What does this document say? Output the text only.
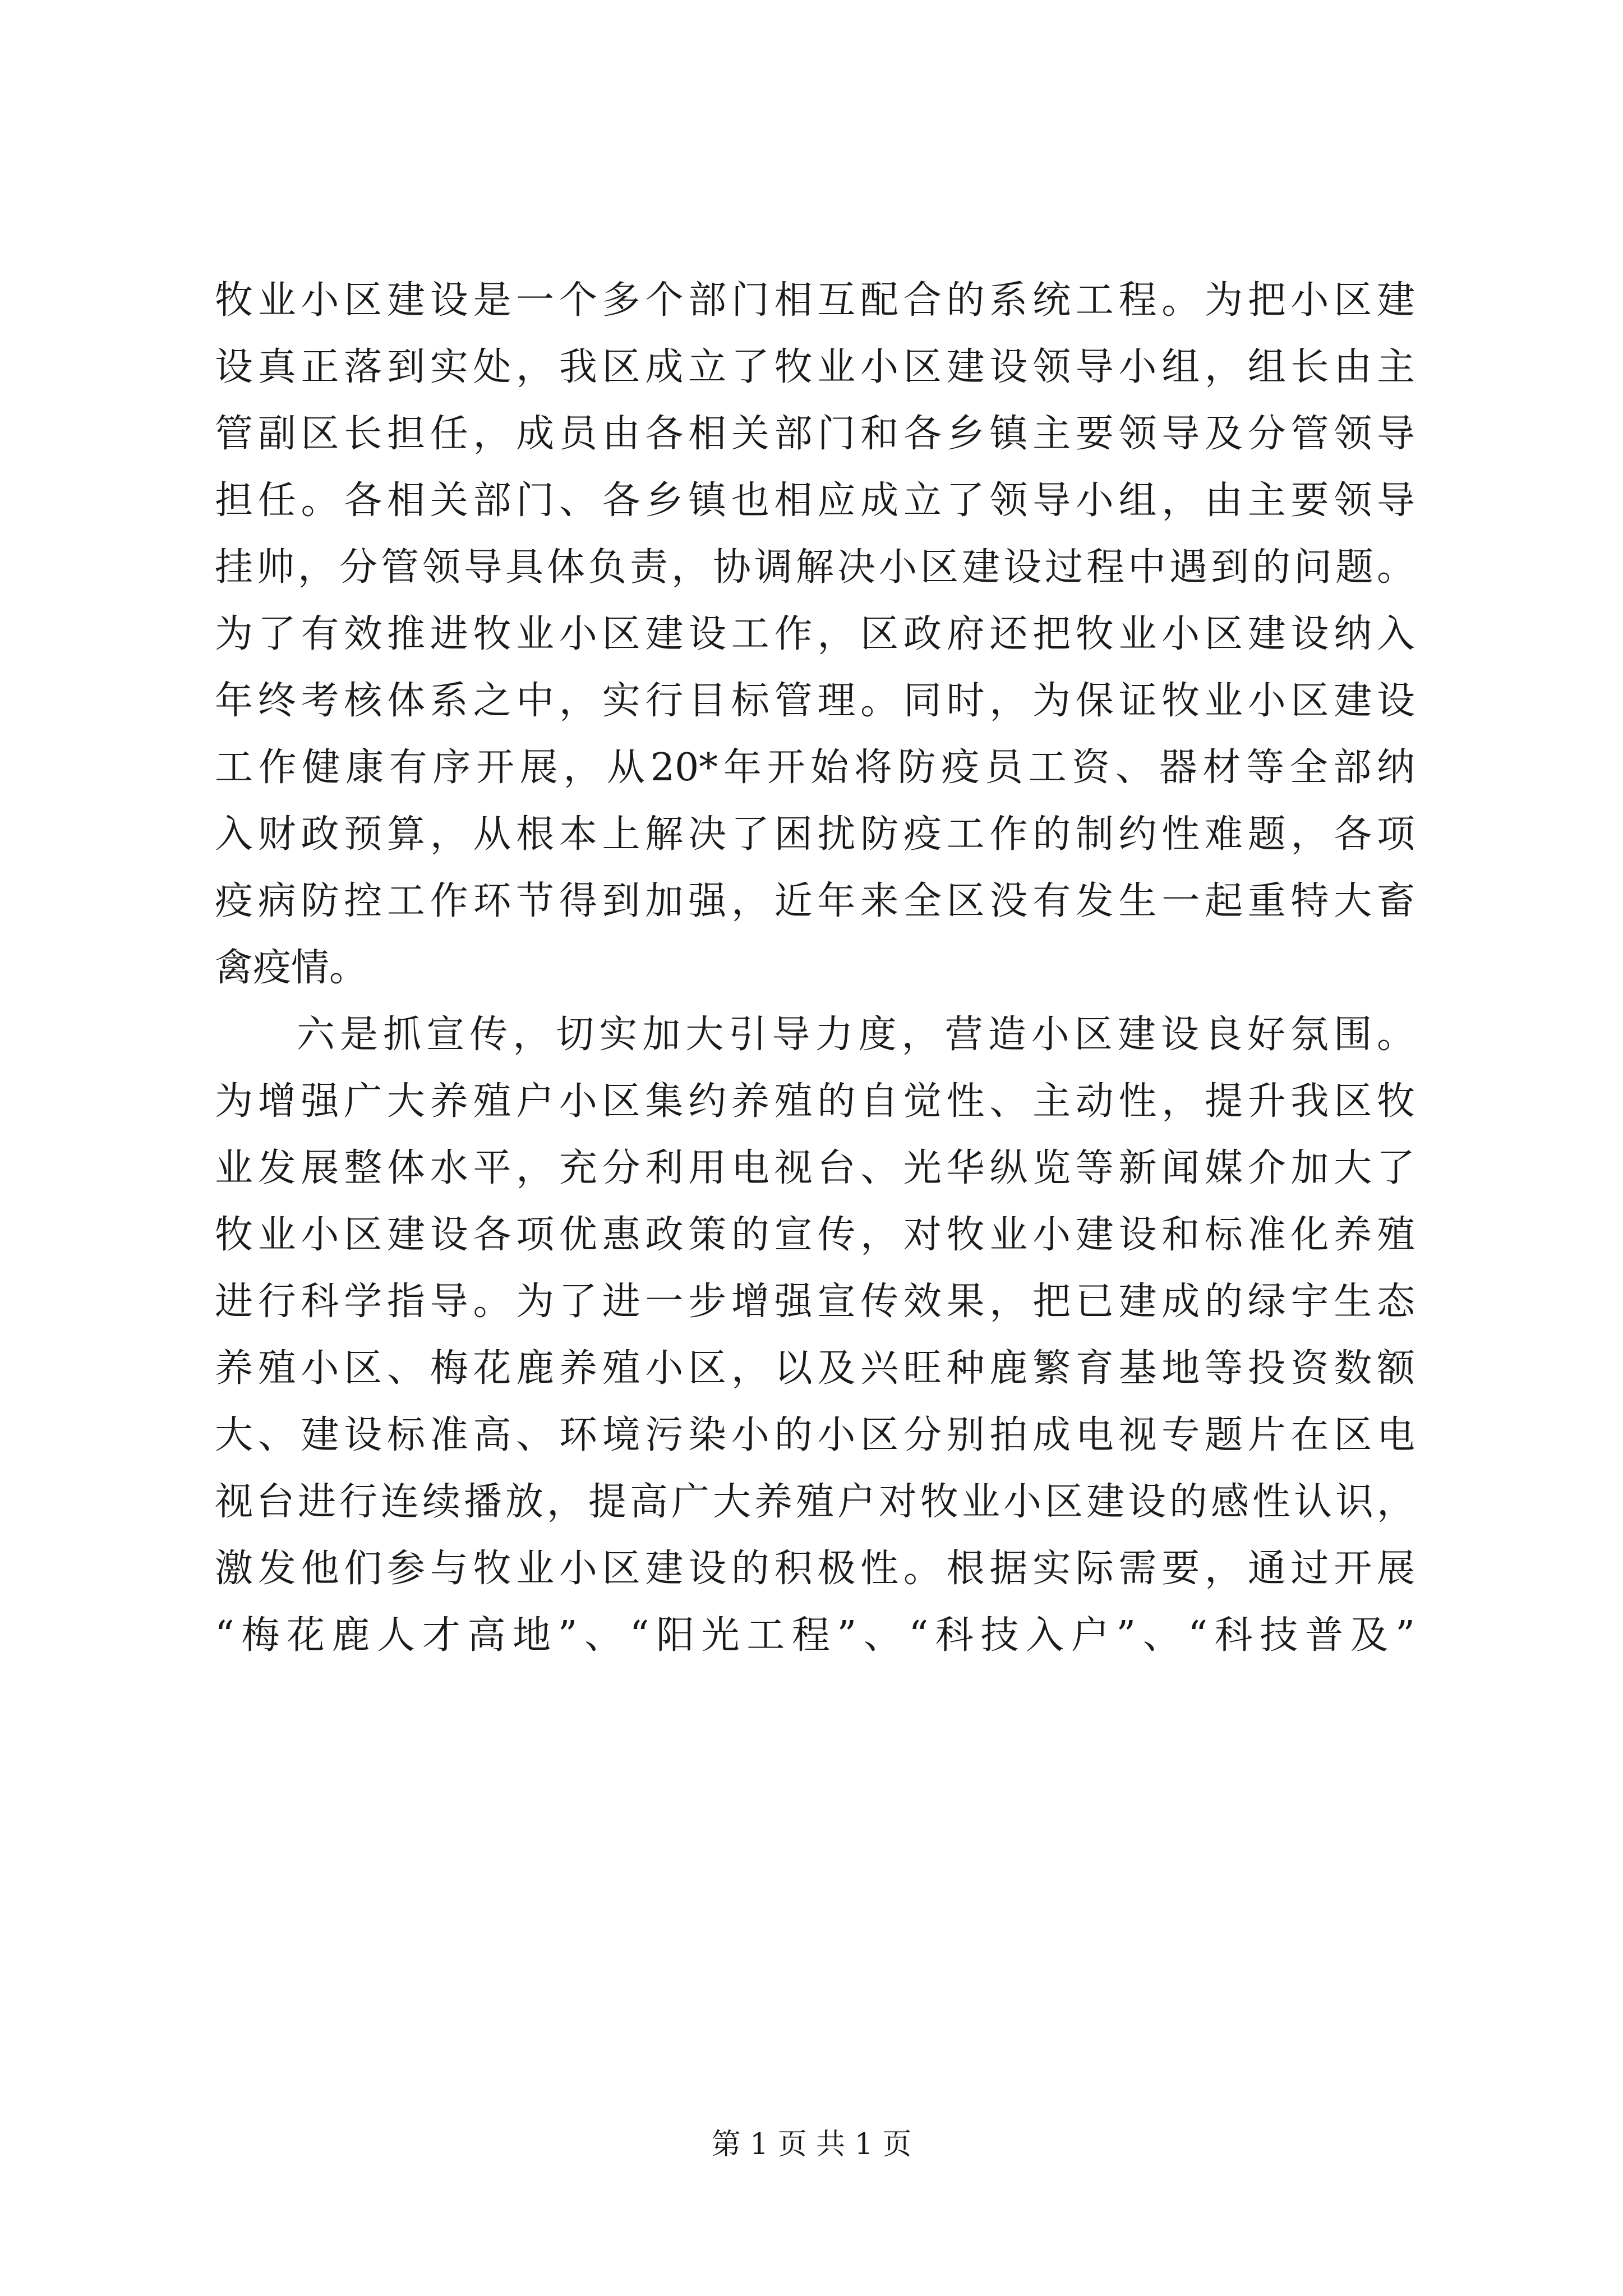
牧业小区建设是一个多个部门相互配合的系统工程。为把小区建
设真正落到实处，我区成立了牧业小区建设领导小组，组长由主
管副区长担任，成员由各相关部门和各乡镇主要领导及分管领导
担任。各相关部门、各乡镇也相应成立了领导小组，由主要领导
挂帅，分管领导具体负责，协调解决小区建设过程中遇到的问题。
为了有效推进牧业小区建设工作，区政府还把牧业小区建设纳入
年终考核体系之中，实行目标管理。同时，为保证牧业小区建设
工作健康有序开展，从20*年开始将防疫员工资、器材等全部纳
入财政预算，从根本上解决了困扰防疫工作的制约性难题，各项
疫病防控工作环节得到加强，近年来全区没有发生一起重特大畜
禽疫情。
六是抓宣传，切实加大引导力度，营造小区建设良好氛围。
为增强广大养殖户小区集约养殖的自觉性、主动性，提升我区牧
业发展整体水平，充分利用电视台、光华纵览等新闻媒介加大了
牧业小区建设各项优惠政策的宣传，对牧业小建设和标准化养殖
进行科学指导。为了进一步增强宣传效果，把已建成的绿宇生态
养殖小区、梅花鹿养殖小区，以及兴旺种鹿繁育基地等投资数额
大、建设标准高、环境污染小的小区分别拍成电视专题片在区电
视台进行连续播放，提高广大养殖户对牧业小区建设的感性认识，
激发他们参与牧业小区建设的积极性。根据实际需要，通过开展
“梅花鹿人才高地”、“阳光工程”、“科技入户”、“科技普及”
第 1 页 共 1 页
